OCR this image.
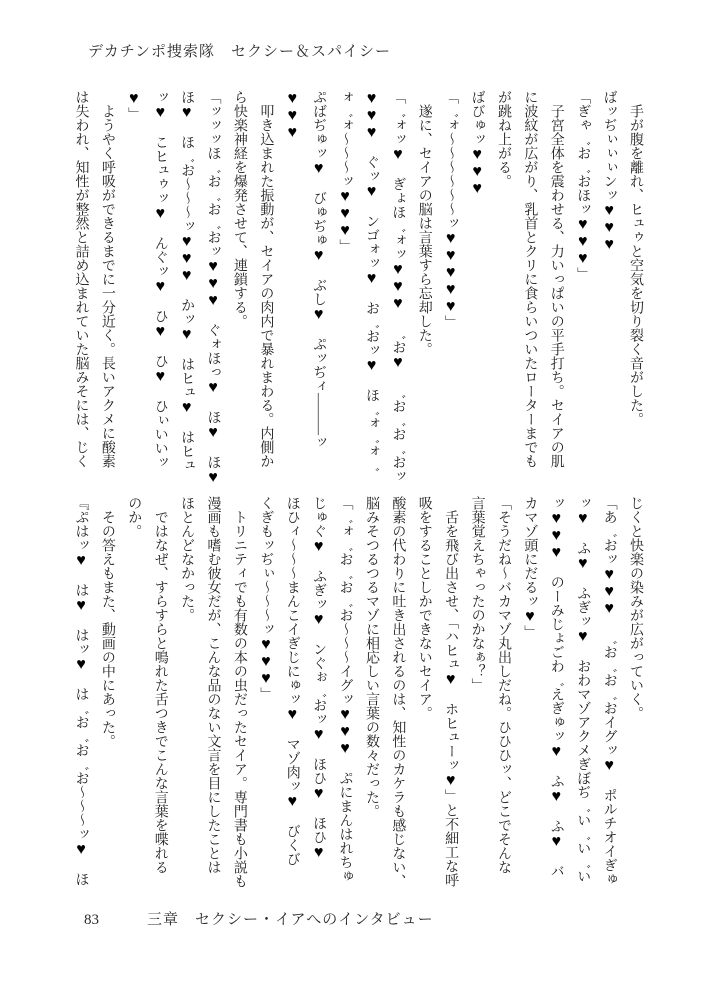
デカチンポ捜索隊　セクシー＆スパイシー
　手が腹を離れ、ヒュゥと空気を切り裂く音がした。
ばッぢぃぃぃンッ♥♥♥
「ぎゃ゛お゛おほッ♥♥♥」
　子宮全体を震わせる、力いっぱいの平手打ち。セイアの肌
に波紋が広がり、乳首とクリに食らいついたローターまでも
が跳ね上がる。
ばびゅッ♥♥♥
「゛ォ～～～～～～ッ♥♥♥♥♥」
　遂に、セイアの脳は言葉すら忘却した。
「゛ォッ♥　ぎょほ゛ォッ♥♥♥　゛お♥　゛お゛お゛おッ
♥♥♥　ぐッ♥　ンゴォッ♥　お゛おッ♥　ほ゛ォ゛ォ゛
ォ゛ォ～～～ッ♥♥♥」
ぷばぢゅッ♥　びゅぢゅ♥　ぶし♥　ぷッぢィ―――ッ
♥♥♥
　叩き込まれた振動が、セイアの肉内で暴れまわる。内側か
ら快楽神経を爆発させて、連鎖する。
「ッッッほ゛お゛お゛おッ♥♥♥　ぐォほっ♥　ほ♥　ほ♥
ほ♥　ほ゛お～～～ッ♥♥♥　かッ♥　はヒュ♥　はヒュ
ッ♥　こヒュゥッ♥　んぐッ♥　ひ♥　ひ♥　ひぃいいッ
♥」
　ようやく呼吸ができるまでに一分近く。長いアクメに酸素
は失われ、知性が整然と詰め込まれていた脳みそには、じく
じくと快楽の染みが広がっていく。
「あ゛おッ♥♥♥　゛お゛お゛おイグッ♥　ポルチオイぎゅ
ッ♥　ふ♥　ふぎッ♥　おわマゾアクメぎぼぢ゛い゛い゛い
ッ♥♥♥　のーみじょごわ゛えぎゅッ♥　ふ♥　ふ♥　バ
カマゾ頭にだるッ♥」
「そうだね～バカマゾ丸出しだね。ひひひッ、どこでそんな
言葉覚えちゃったのかなぁ？」
　舌を飛び出させ、「ハヒュ♥　ホヒューッ♥」と不細工な呼
吸をすることしかできないセイア。
酸素の代わりに吐き出されるのは、知性のカケラも感じない、
脳みそつるつるマゾに相応しい言葉の数々だった。
「゛ォ゛お゛お゛お～～～イグッ♥♥♥　ぷにまんはれちゅ
じゅぐ♥　ふぎッ♥　ンぐぉ゛おッ♥　ほひ♥　ほひ♥
ほひィ～～～まんこイぎじにゅッ♥　マゾ肉ッ♥　びくび
くぎもッぢぃ～～～ッ♥♥♥」
　トリニティでも有数の本の虫だったセイア。専門書も小説も
漫画も嗜む彼女だが、こんな品のない文言を目にしたことは
ほとんどなかった。
　ではなぜ、すらすらと鳴れた舌つきでこんな言葉を喋れる
のか。
　その答えもまた、動画の中にあった。
『ぷはッ♥　は♥　はッ♥　は゛お゛お゛お～～～ッ♥　ほ
83	三章　セクシー・イアへのインタビュー
